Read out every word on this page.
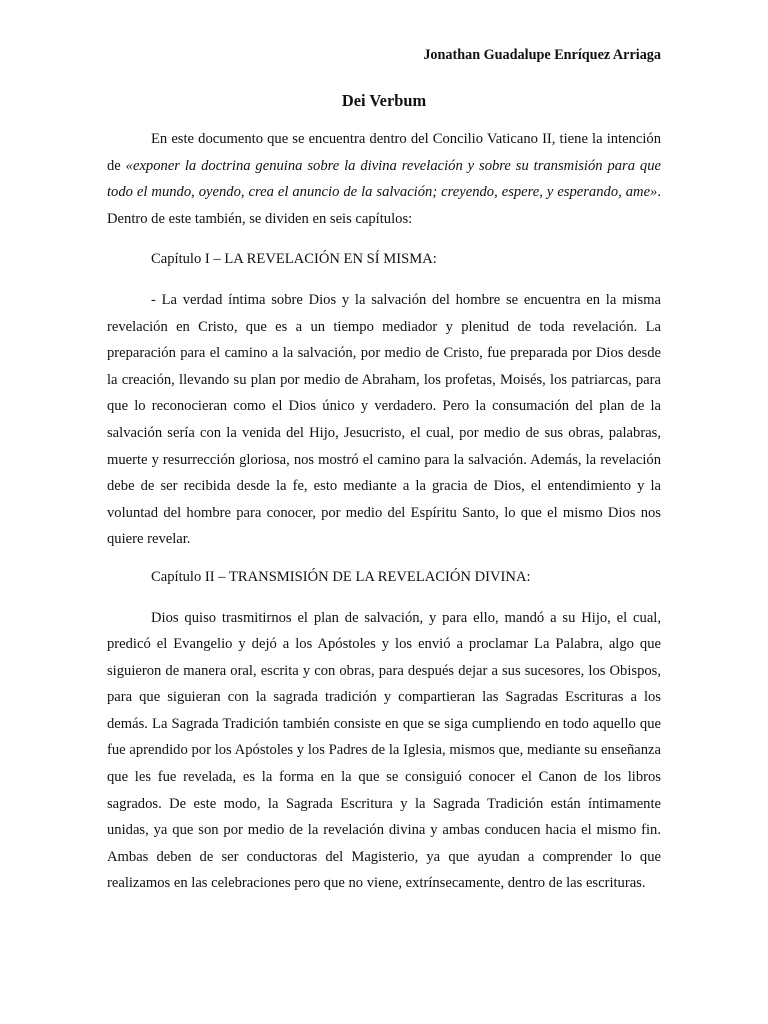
Jonathan Guadalupe Enríquez Arriaga

Dei Verbum

En este documento que se encuentra dentro del Concilio Vaticano II, tiene la intención de «exponer la doctrina genuina sobre la divina revelación y sobre su transmisión para que todo el mundo, oyendo, crea el anuncio de la salvación; creyendo, espere, y esperando, ame». Dentro de este también, se dividen en seis capítulos:

Capítulo I – LA REVELACIÓN EN SÍ MISMA:

- La verdad íntima sobre Dios y la salvación del hombre se encuentra en la misma revelación en Cristo, que es a un tiempo mediador y plenitud de toda revelación. La preparación para el camino a la salvación, por medio de Cristo, fue preparada por Dios desde la creación, llevando su plan por medio de Abraham, los profetas, Moisés, los patriarcas, para que lo reconocieran como el Dios único y verdadero. Pero la consumación del plan de la salvación sería con la venida del Hijo, Jesucristo, el cual, por medio de sus obras, palabras, muerte y resurrección gloriosa, nos mostró el camino para la salvación. Además, la revelación debe de ser recibida desde la fe, esto mediante a la gracia de Dios, el entendimiento y la voluntad del hombre para conocer, por medio del Espíritu Santo, lo que el mismo Dios nos quiere revelar.

Capítulo II – TRANSMISIÓN DE LA REVELACIÓN DIVINA:

Dios quiso trasmitirnos el plan de salvación, y para ello, mandó a su Hijo, el cual, predicó el Evangelio y dejó a los Apóstoles y los envió a proclamar La Palabra, algo que siguieron de manera oral, escrita y con obras, para después dejar a sus sucesores, los Obispos, para que siguieran con la sagrada tradición y compartieran las Sagradas Escrituras a los demás. La Sagrada Tradición también consiste en que se siga cumpliendo en todo aquello que fue aprendido por los Apóstoles y los Padres de la Iglesia, mismos que, mediante su enseñanza que les fue revelada, es la forma en la que se consiguió conocer el Canon de los libros sagrados. De este modo, la Sagrada Escritura y la Sagrada Tradición están íntimamente unidas, ya que son por medio de la revelación divina y ambas conducen hacia el mismo fin. Ambas deben de ser conductoras del Magisterio, ya que ayudan a comprender lo que realizamos en las celebraciones pero que no viene, extrínsecamente, dentro de las escrituras.
